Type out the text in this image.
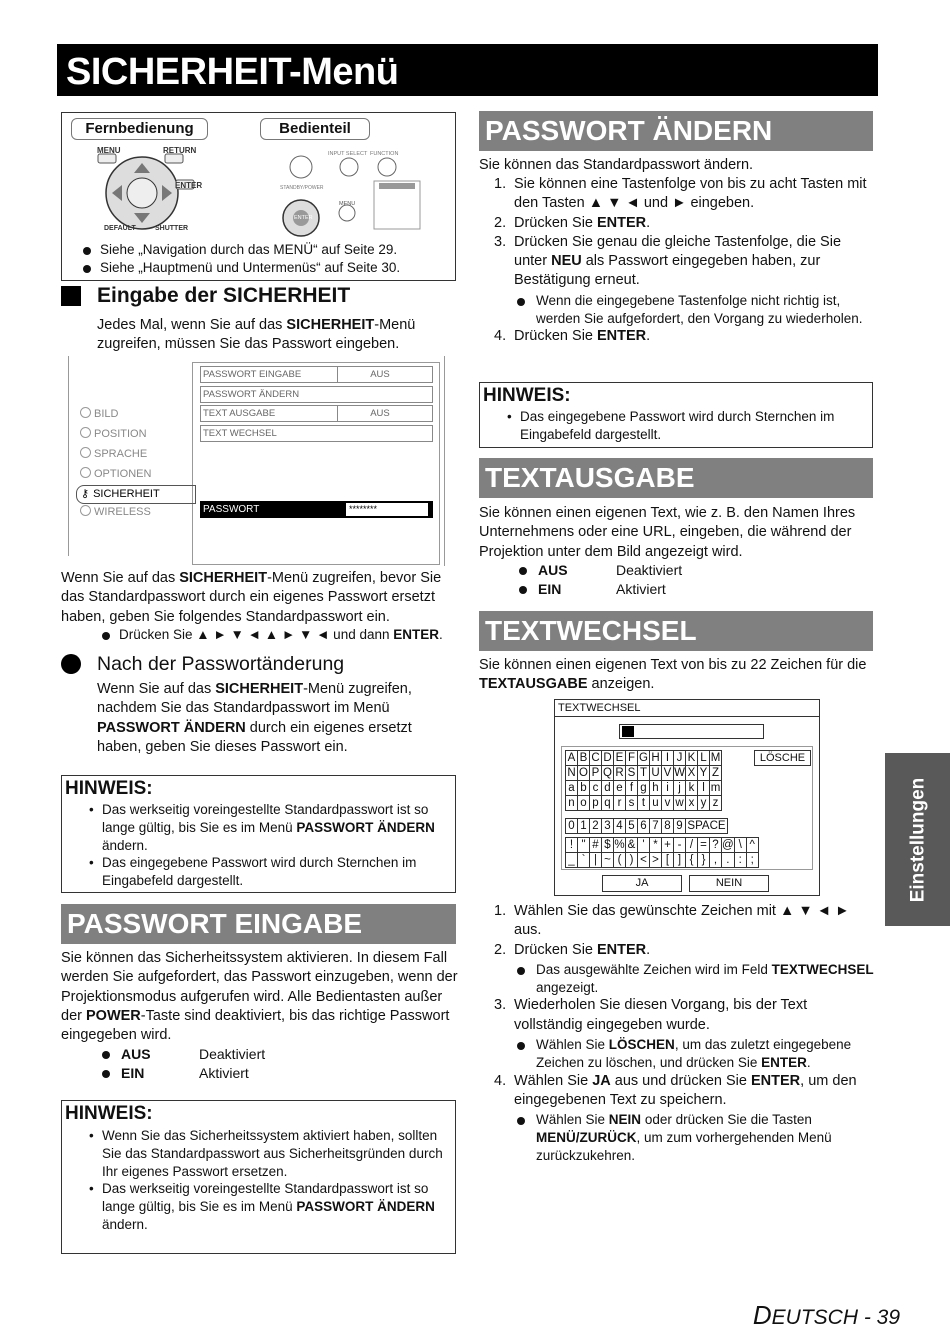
SICHERHEIT-Menü
Fernbedienung	Bedienteil
MENU	RETURN
ENTER
DEFAULT	SHUTTER
INPUT SELECT FUNCTION
STANDBY/POWER
MENU
ENTER
Siehe „Navigation durch das MENÜ“ auf Seite 29.
Siehe „Hauptmenü und Untermenüs“ auf Seite 30.
Eingabe der SICHERHEIT
Jedes Mal, wenn Sie auf das SICHERHEIT-Menü zugreifen, müssen Sie das Passwort eingeben.
PASSWORT EINGABE	AUS
PASSWORT ÄNDERN
TEXT AUSGABE	AUS
TEXT WECHSEL
PASSWORT	********
BILD
POSITION
SPRACHE
OPTIONEN
⚷ SICHERHEIT
WIRELESS
Wenn Sie auf das SICHERHEIT-Menü zugreifen, bevor Sie das Standardpasswort durch ein eigenes Passwort ersetzt haben, geben Sie folgendes Standardpasswort ein.
Drücken Sie ▲ ► ▼ ◄ ▲ ► ▼ ◄ und dann ENTER.
Nach der Passwortänderung
Wenn Sie auf das SICHERHEIT-Menü zugreifen, nachdem Sie das Standardpasswort im Menü PASSWORT ÄNDERN durch ein eigenes ersetzt haben, geben Sie dieses Passwort ein.
HINWEIS:
• Das werkseitig voreingestellte Standardpasswort ist so lange gültig, bis Sie es im Menü PASSWORT ÄNDERN ändern.
• Das eingegebene Passwort wird durch Sternchen im Eingabefeld dargestellt.
PASSWORT EINGABE
Sie können das Sicherheitssystem aktivieren. In diesem Fall werden Sie aufgefordert, das Passwort einzugeben, wenn der Projektionsmodus aufgerufen wird. Alle Bedientasten außer der POWER-Taste sind deaktiviert, bis das richtige Passwort eingegeben wird.
AUS	Deaktiviert
EIN	Aktiviert
HINWEIS:
• Wenn Sie das Sicherheitssystem aktiviert haben, sollten Sie das Standardpasswort aus Sicherheitsgründen durch Ihr eigenes Passwort ersetzen.
• Das werkseitig voreingestellte Standardpasswort ist so lange gültig, bis Sie es im Menü PASSWORT ÄNDERN ändern.
PASSWORT ÄNDERN
Sie können das Standardpasswort ändern.
1. Sie können eine Tastenfolge von bis zu acht Tasten mit den Tasten ▲ ▼ ◄ und ► eingeben.
2. Drücken Sie ENTER.
3. Drücken Sie genau die gleiche Tastenfolge, die Sie unter NEU als Passwort eingegeben haben, zur Bestätigung erneut.
Wenn die eingegebene Tastenfolge nicht richtig ist, werden Sie aufgefordert, den Vorgang zu wiederholen.
4. Drücken Sie ENTER.
HINWEIS:
• Das eingegebene Passwort wird durch Sternchen im Eingabefeld dargestellt.
TEXTAUSGABE
Sie können einen eigenen Text, wie z. B. den Namen Ihres Unternehmens oder eine URL, eingeben, die während der Projektion unter dem Bild angezeigt wird.
AUS	Deaktiviert
EIN	Aktiviert
TEXTWECHSEL
Sie können einen eigenen Text von bis zu 22 Zeichen für die TEXTAUSGABE anzeigen.
TEXTWECHSEL
A	B	C	D	E	F	G	H	I	J	K	L	M
N	O	P	Q	R	S	T	U	V	W	X	Y	Z
a	b	c	d	e	f	g	h	i	j	k	l	m
n	o	p	q	r	s	t	u	v	w	x	y	z
LÖSCHE
0	1	2	3	4	5	6	7	8	9	SPACE
!	"	#	$	%	&	'	*	+	-	/	=	?	@	\	^
_	`	|	~	(	)	<	>	[	]	{	}	,	.	:	;
JA	NEIN
1. Wählen Sie das gewünschte Zeichen mit ▲ ▼ ◄ ► aus.
2. Drücken Sie ENTER.
Das ausgewählte Zeichen wird im Feld TEXTWECHSEL angezeigt.
3. Wiederholen Sie diesen Vorgang, bis der Text vollständig eingegeben wurde.
Wählen Sie LÖSCHEN, um das zuletzt eingegebene Zeichen zu löschen, und drücken Sie ENTER.
4. Wählen Sie JA aus und drücken Sie ENTER, um den eingegebenen Text zu speichern.
Wählen Sie NEIN oder drücken Sie die Tasten MENÜ/ZURÜCK, um zum vorhergehenden Menü zurückzukehren.
Einstellungen
DEUTSCH - 39
